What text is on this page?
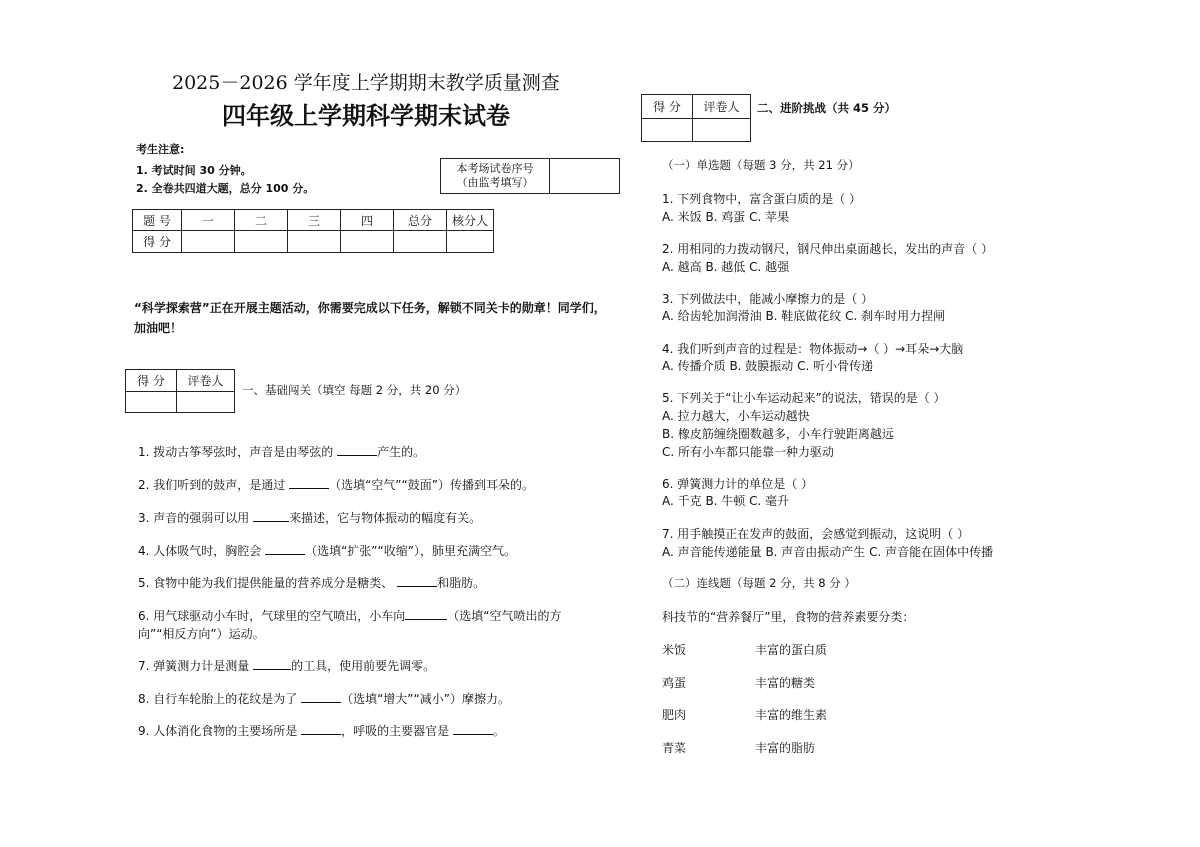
2025－2026 学年度上学期期末教学质量测查
四年级上学期科学期末试卷
考生注意:
1. 考试时间 30 分钟。
2. 全卷共四道大题，总分 100 分。
本考场试卷序号
（由监考填写）

题 号	一	二	三	四	总分	核分人
得 分						
“科学探索营”正在开展主题活动，你需要完成以下任务，解锁不同关卡的勋章！同学们，加油吧！
得 分	评卷人

一、基础闯关（填空 每题 2 分，共 20 分）
1. 拨动古筝琴弦时，声音是由琴弦的	产生的。
2. 我们听到的鼓声，是通过	（选填“空气”“鼓面”）传播到耳朵的。
3. 声音的强弱可以用	来描述，它与物体振动的幅度有关。
4. 人体吸气时，胸腔会	（选填“扩张”“收缩”），肺里充满空气。
5. 食物中能为我们提供能量的营养成分是糖类、	和脂肪。
6. 用气球驱动小车时，气球里的空气喷出，小车向	（选填“空气喷出的方
向”“相反方向”）运动。
7. 弹簧测力计是测量	的工具，使用前要先调零。
8. 自行车轮胎上的花纹是为了	（选填“增大”“减小”）摩擦力。
9. 人体消化食物的主要场所是	，呼吸的主要器官是	。
得 分	评卷人
	二、进阶挑战（共 45 分）
（一）单选题（每题 3 分，共 21 分）
1. 下列食物中，富含蛋白质的是（ ）
A. 米饭 B. 鸡蛋 C. 苹果
2. 用相同的力拨动钢尺，钢尺伸出桌面越长，发出的声音（ ）
A. 越高 B. 越低 C. 越强
3. 下列做法中，能减小摩擦力的是（ ）
A. 给齿轮加润滑油 B. 鞋底做花纹 C. 刹车时用力捏闸
4. 我们听到声音的过程是：物体振动→（ ）→耳朵→大脑
A. 传播介质 B. 鼓膜振动 C. 听小骨传递
5. 下列关于“让小车运动起来”的说法，错误的是（ ）
A. 拉力越大，小车运动越快
B. 橡皮筋缠绕圈数越多，小车行驶距离越远
C. 所有小车都只能靠一种力驱动
6. 弹簧测力计的单位是（ ）
A. 千克 B. 牛顿 C. 毫升
7. 用手触摸正在发声的鼓面，会感觉到振动，这说明（ ）
A. 声音能传递能量 B. 声音由振动产生 C. 声音能在固体中传播
（二）连线题（每题 2 分，共 8 分 ）
科技节的“营养餐厅”里，食物的营养素要分类：
米饭	丰富的蛋白质
鸡蛋	丰富的糖类
肥肉	丰富的维生素
青菜	丰富的脂肪
